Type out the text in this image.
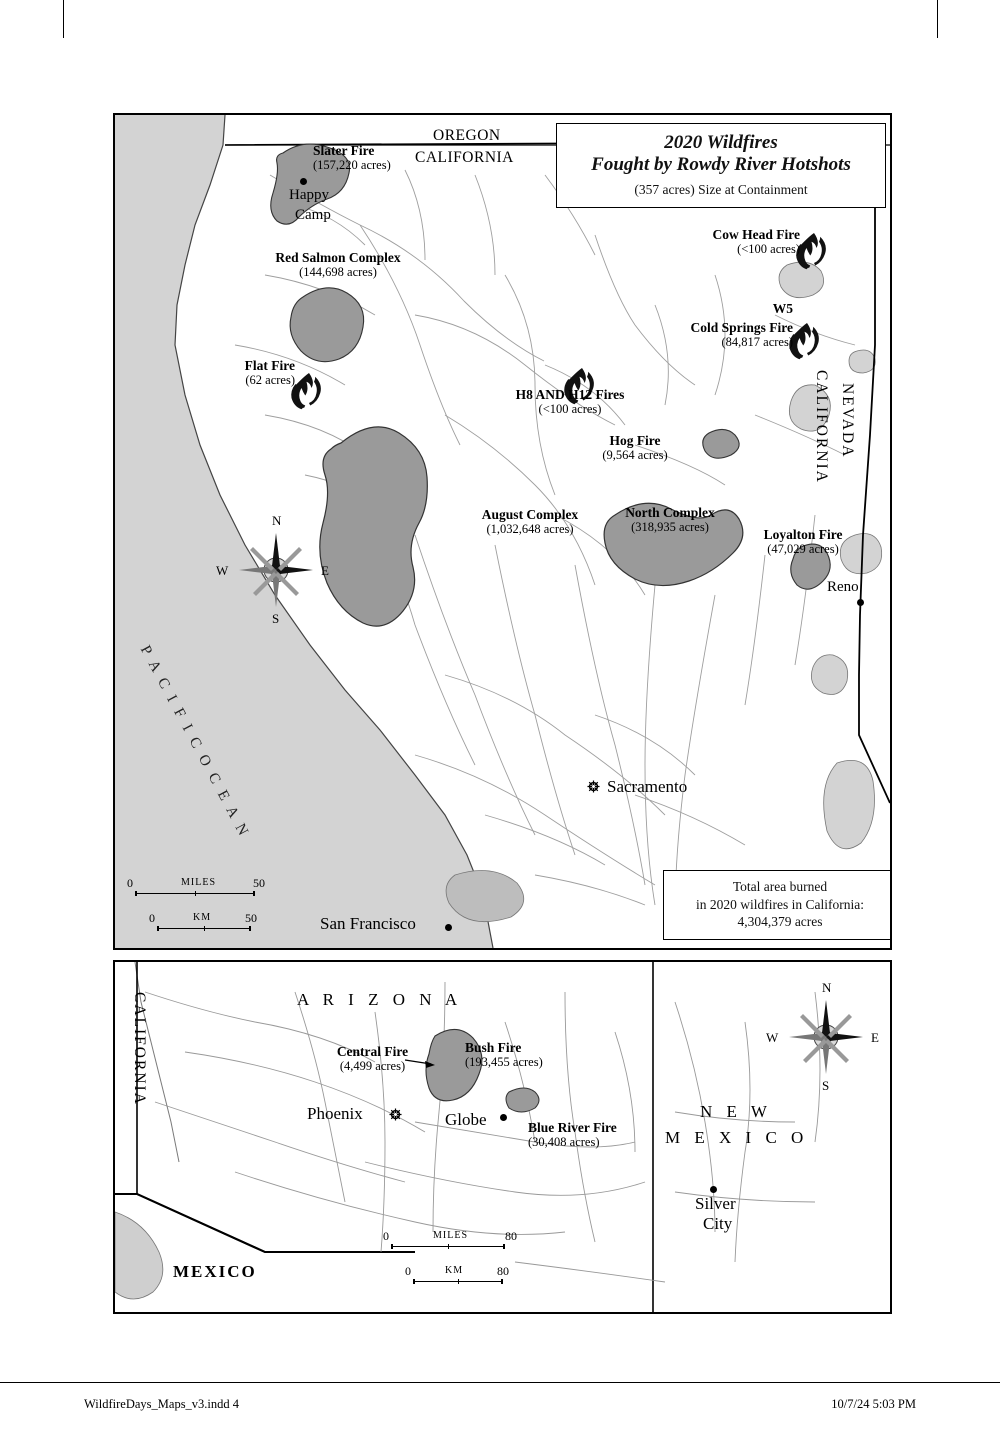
OREGON
CALIFORNIA
CALIFORNIA NEVADA
P A C I F I C O C E A N
Slater Fire
(157,220 acres)
Red Salmon Complex
(144,698 acres)
Flat Fire
(62 acres)
Cow Head Fire
(<100 acres)
W5
Cold Springs Fire
(84,817 acres)
H8 AND H12 Fires
(<100 acres)
Hog Fire
(9,564 acres)
August Complex
(1,032,648 acres)
North Complex
(318,935 acres)	Loyalton Fire
(47,029 acres)
Happy
Camp
Reno
Sacramento
San Francisco
2020 Wildfires
Fought by Rowdy River Hotshots
(357 acres) Size at Containment
Total area burned
in 2020 wildfires in California:
4,304,379 acres
N
S
W	E
0	MILES	50
0	KM	50
CALIFORNIA	A R I Z O N A
N E W
M E X I C O
MEXICO
Central Fire
(4,499 acres)
Bush Fire
(193,455 acres)
Blue River Fire
(30,408 acres)
Phoenix	Globe
Silver
City
N
S
W	E
0	MILES	80
0	KM	80
WildfireDays_Maps_v3.indd 4	10/7/24 5:03 PM
